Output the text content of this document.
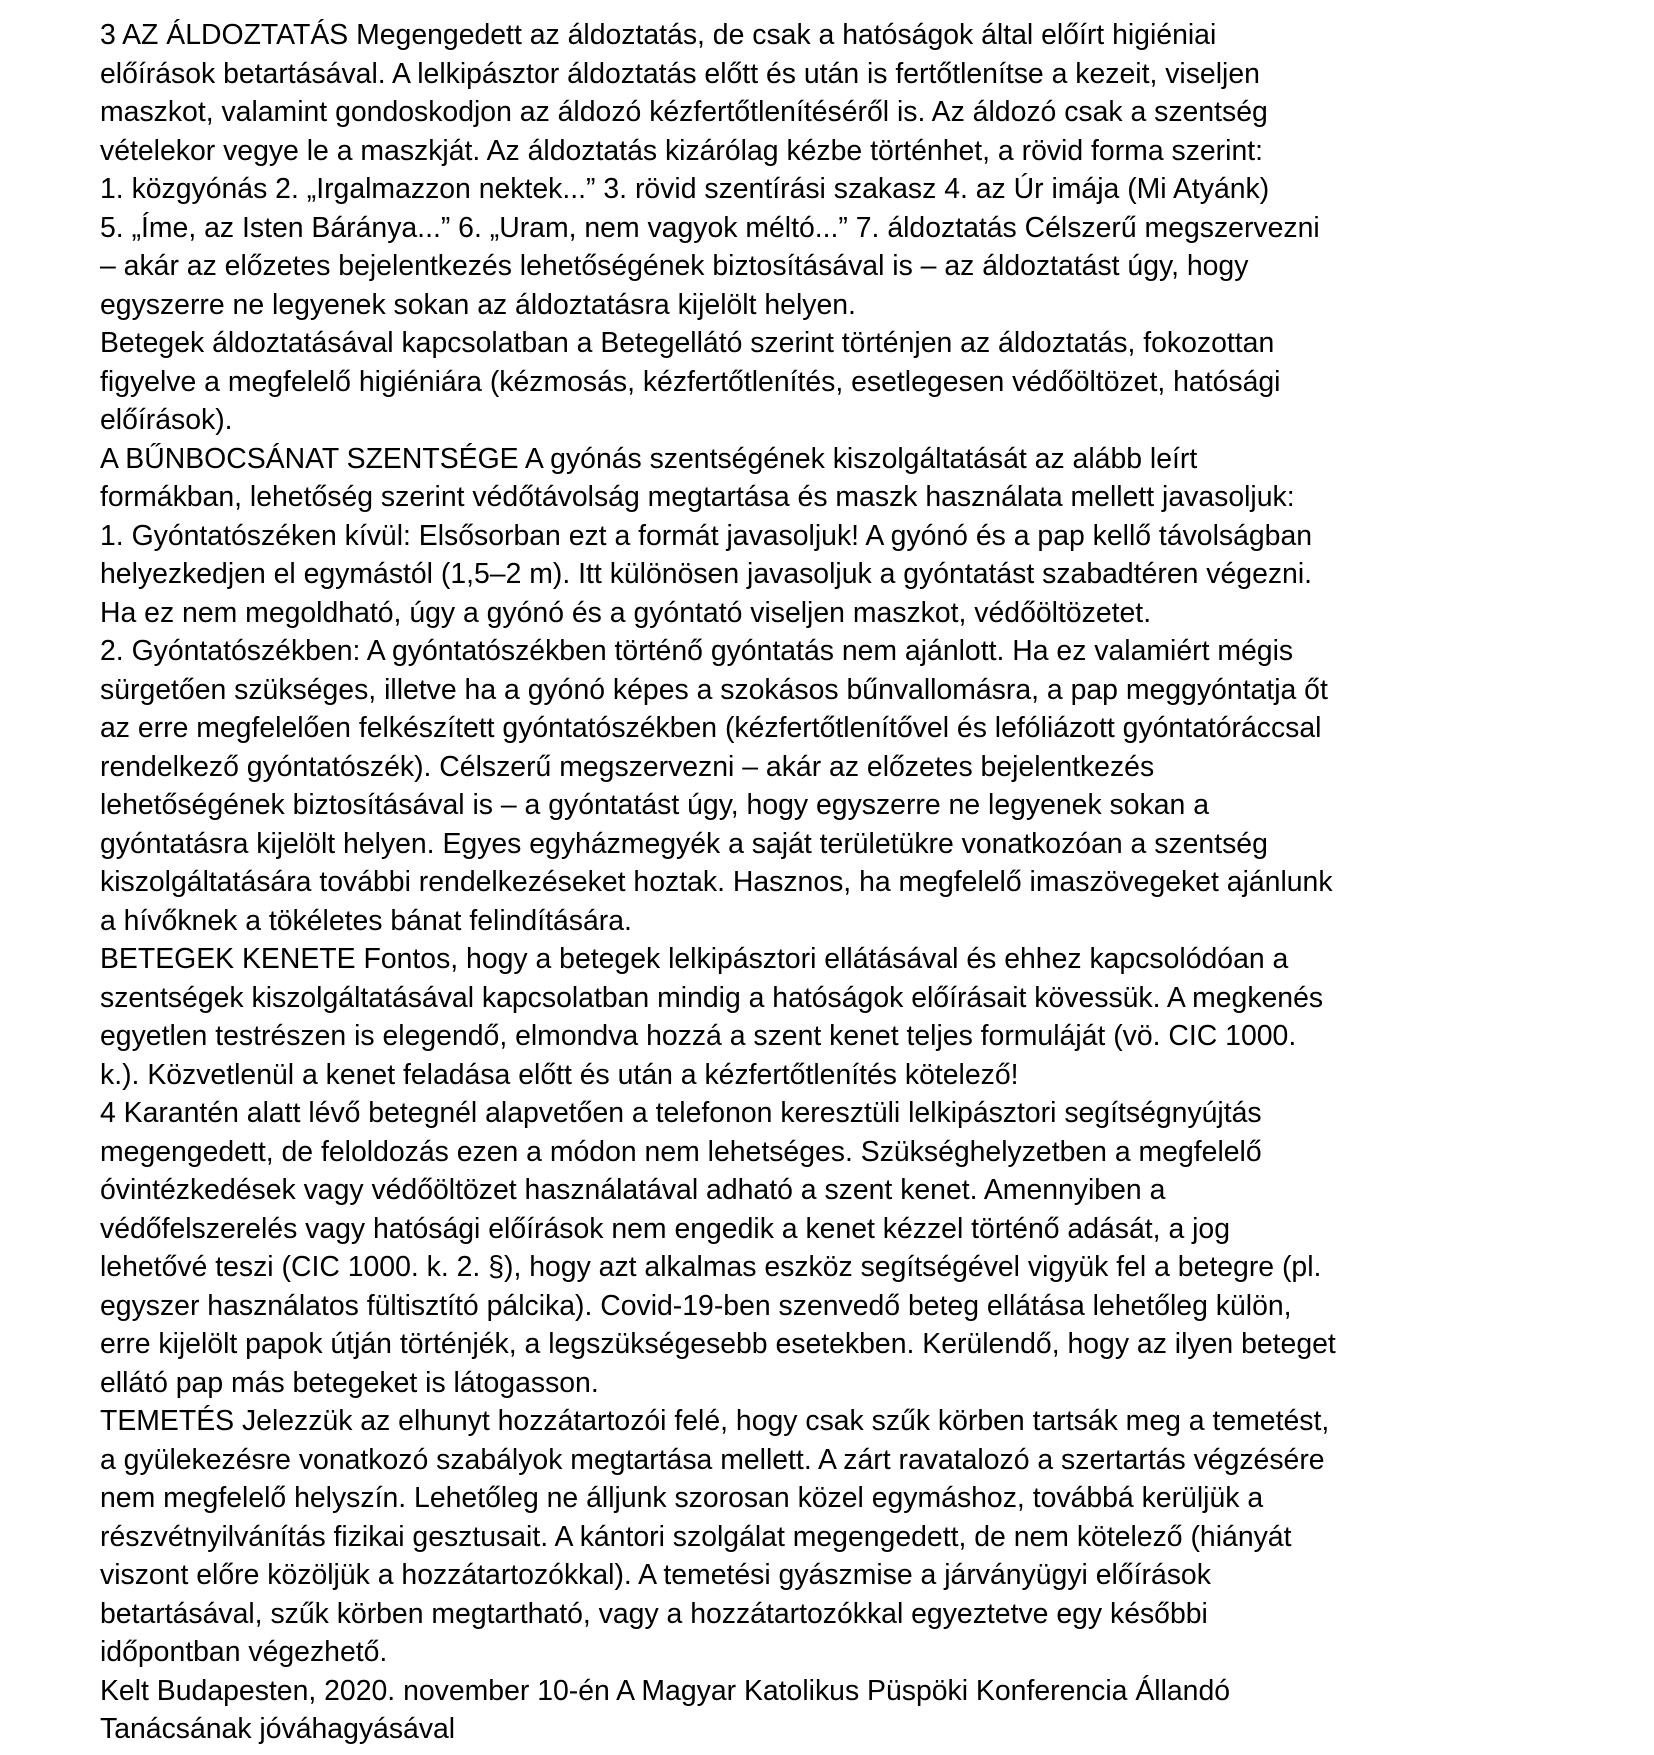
3 AZ ÁLDOZTATÁS Megengedett az áldoztatás, de csak a hatóságok által előírt higiéniai
előírások betartásával. A lelkipásztor áldoztatás előtt és után is fertőtlenítse a kezeit, viseljen
maszkot, valamint gondoskodjon az áldozó kézfertőtlenítéséről is. Az áldozó csak a szentség
vételekor vegye le a maszkját. Az áldoztatás kizárólag kézbe történhet, a rövid forma szerint:
1. közgyónás 2. „Irgalmazzon nektek...” 3. rövid szentírási szakasz 4. az Úr imája (Mi Atyánk)
5. „Íme, az Isten Báránya...” 6. „Uram, nem vagyok méltó...” 7. áldoztatás Célszerű megszervezni
– akár az előzetes bejelentkezés lehetőségének biztosításával is – az áldoztatást úgy, hogy
egyszerre ne legyenek sokan az áldoztatásra kijelölt helyen.
Betegek áldoztatásával kapcsolatban a Betegellátó szerint történjen az áldoztatás, fokozottan
figyelve a megfelelő higiéniára (kézmosás, kézfertőtlenítés, esetlegesen védőöltözet, hatósági
előírások).
A BŰNBOCSÁNAT SZENTSÉGE A gyónás szentségének kiszolgáltatását az alább leírt
formákban, lehetőség szerint védőtávolság megtartása és maszk használata mellett javasoljuk:
1. Gyóntatószéken kívül: Elsősorban ezt a formát javasoljuk! A gyónó és a pap kellő távolságban
helyezkedjen el egymástól (1,5–2 m). Itt különösen javasoljuk a gyóntatást szabadtéren végezni.
Ha ez nem megoldható, úgy a gyónó és a gyóntató viseljen maszkot, védőöltözetet.
2. Gyóntatószékben: A gyóntatószékben történő gyóntatás nem ajánlott. Ha ez valamiért mégis
sürgetően szükséges, illetve ha a gyónó képes a szokásos bűnvallomásra, a pap meggyóntatja őt
az erre megfelelően felkészített gyóntatószékben (kézfertőtlenítővel és lefóliázott gyóntatóráccsal
rendelkező gyóntatószék). Célszerű megszervezni – akár az előzetes bejelentkezés
lehetőségének biztosításával is – a gyóntatást úgy, hogy egyszerre ne legyenek sokan a
gyóntatásra kijelölt helyen. Egyes egyházmegyék a saját területükre vonatkozóan a szentség
kiszolgáltatására további rendelkezéseket hoztak. Hasznos, ha megfelelő imaszövegeket ajánlunk
a hívőknek a tökéletes bánat felindítására.
BETEGEK KENETE Fontos, hogy a betegek lelkipásztori ellátásával és ehhez kapcsolódóan a
szentségek kiszolgáltatásával kapcsolatban mindig a hatóságok előírásait kövessük. A megkenés
egyetlen testrészen is elegendő, elmondva hozzá a szent kenet teljes formuláját (vö. CIC 1000.
k.). Közvetlenül a kenet feladása előtt és után a kézfertőtlenítés kötelező!
4 Karantén alatt lévő betegnél alapvetően a telefonon keresztüli lelkipásztori segítségnyújtás
megengedett, de feloldozás ezen a módon nem lehetséges. Szükséghelyzetben a megfelelő
óvintézkedések vagy védőöltözet használatával adható a szent kenet. Amennyiben a
védőfelszerelés vagy hatósági előírások nem engedik a kenet kézzel történő adását, a jog
lehetővé teszi (CIC 1000. k. 2. §), hogy azt alkalmas eszköz segítségével vigyük fel a betegre (pl.
egyszer használatos fültisztító pálcika). Covid-19-ben szenvedő beteg ellátása lehetőleg külön,
erre kijelölt papok útján történjék, a legszükségesebb esetekben. Kerülendő, hogy az ilyen beteget
ellátó pap más betegeket is látogasson.
TEMETÉS Jelezzük az elhunyt hozzátartozói felé, hogy csak szűk körben tartsák meg a temetést,
a gyülekezésre vonatkozó szabályok megtartása mellett. A zárt ravatalozó a szertartás végzésére
nem megfelelő helyszín. Lehetőleg ne álljunk szorosan közel egymáshoz, továbbá kerüljük a
részvétnyilvánítás fizikai gesztusait. A kántori szolgálat megengedett, de nem kötelező (hiányát
viszont előre közöljük a hozzátartozókkal). A temetési gyászmise a járványügyi előírások
betartásával, szűk körben megtartható, vagy a hozzátartozókkal egyeztetve egy későbbi
időpontban végezhető.
Kelt Budapesten, 2020. november 10-én A Magyar Katolikus Püspöki Konferencia Állandó
Tanácsának jóváhagyásával
